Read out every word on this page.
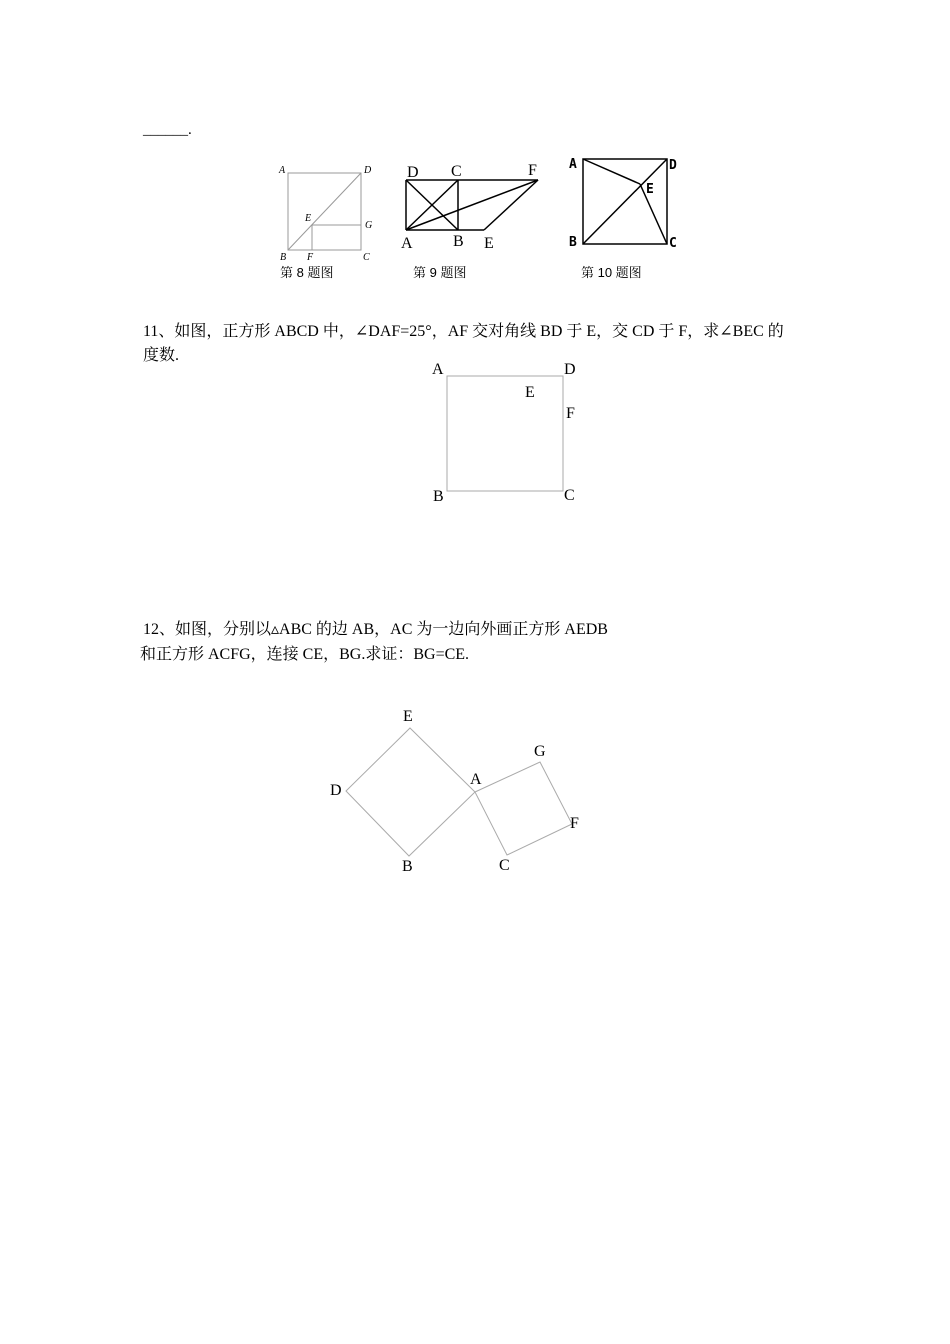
______.
A	D
E
G
B F	C
第 8 题图
D C	F
A	B E
第 9 题图
A	D
E
B	C
第 10 题图
11、如图，正方形 ABCD 中，∠DAF=25°，AF 交对角线 BD 于 E，交 CD 于 F，求∠BEC 的
度数.
A	D
E
F
B	C
12、如图，分别以▵ABC 的边 AB，AC 为一边向外画正方形 AEDB
和正方形 ACFG，连接 CE，BG.求证：BG=CE.
E
G
A
D
F
B	C
